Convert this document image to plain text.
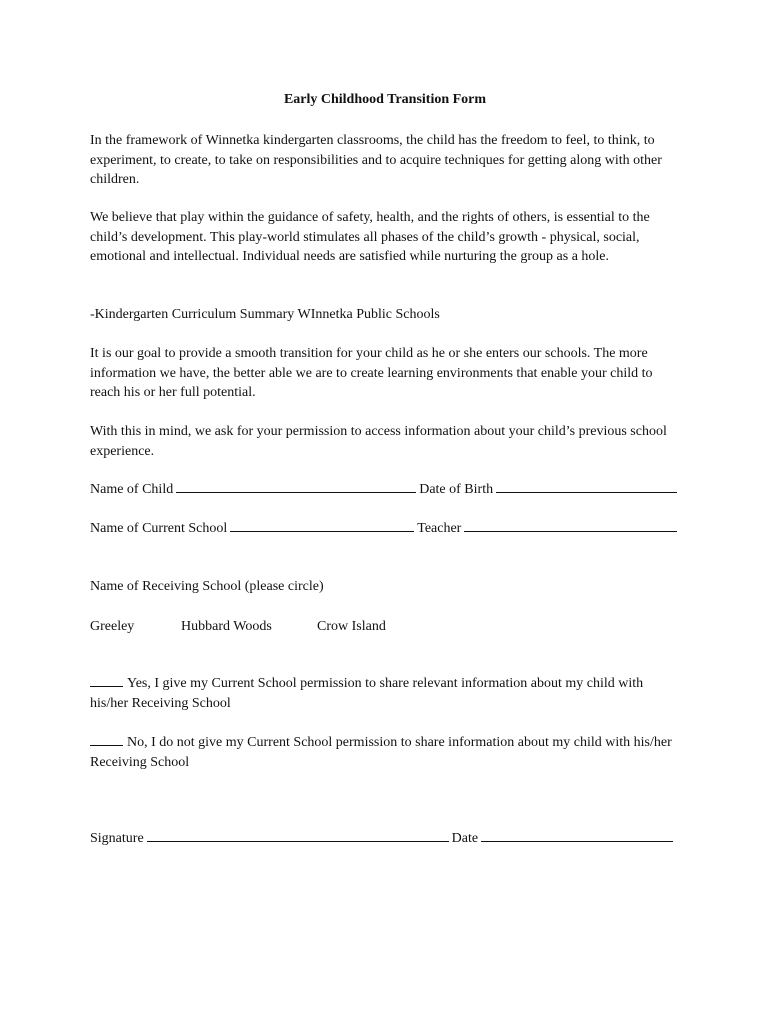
Early Childhood Transition Form
In the framework of Winnetka kindergarten classrooms, the child has the freedom to feel, to think, to experiment, to create, to take on responsibilities and to acquire techniques for getting along with other children.
We believe that play within the guidance of safety, health, and the rights of others, is essential to the child’s development. This play-world stimulates all phases of the child’s growth - physical, social, emotional and intellectual. Individual needs are satisfied while nurturing the group as a hole.
-Kindergarten Curriculum Summary WInnetka Public Schools
It is our goal to provide a smooth transition for your child as he or she enters our schools. The more information we have, the better able we are to create learning environments that enable your child to reach his or her full potential.
With this in mind, we ask for your permission to access information about your child’s previous school experience.
Name of Child	Date of Birth
Name of Current School	Teacher
Name of Receiving School (please circle)
Greeley	Hubbard Woods	Crow Island
Yes, I give my Current School permission to share relevant information about my child with his/her Receiving School
No, I do not give my Current School permission to share information about my child with his/her Receiving School
Signature	Date
